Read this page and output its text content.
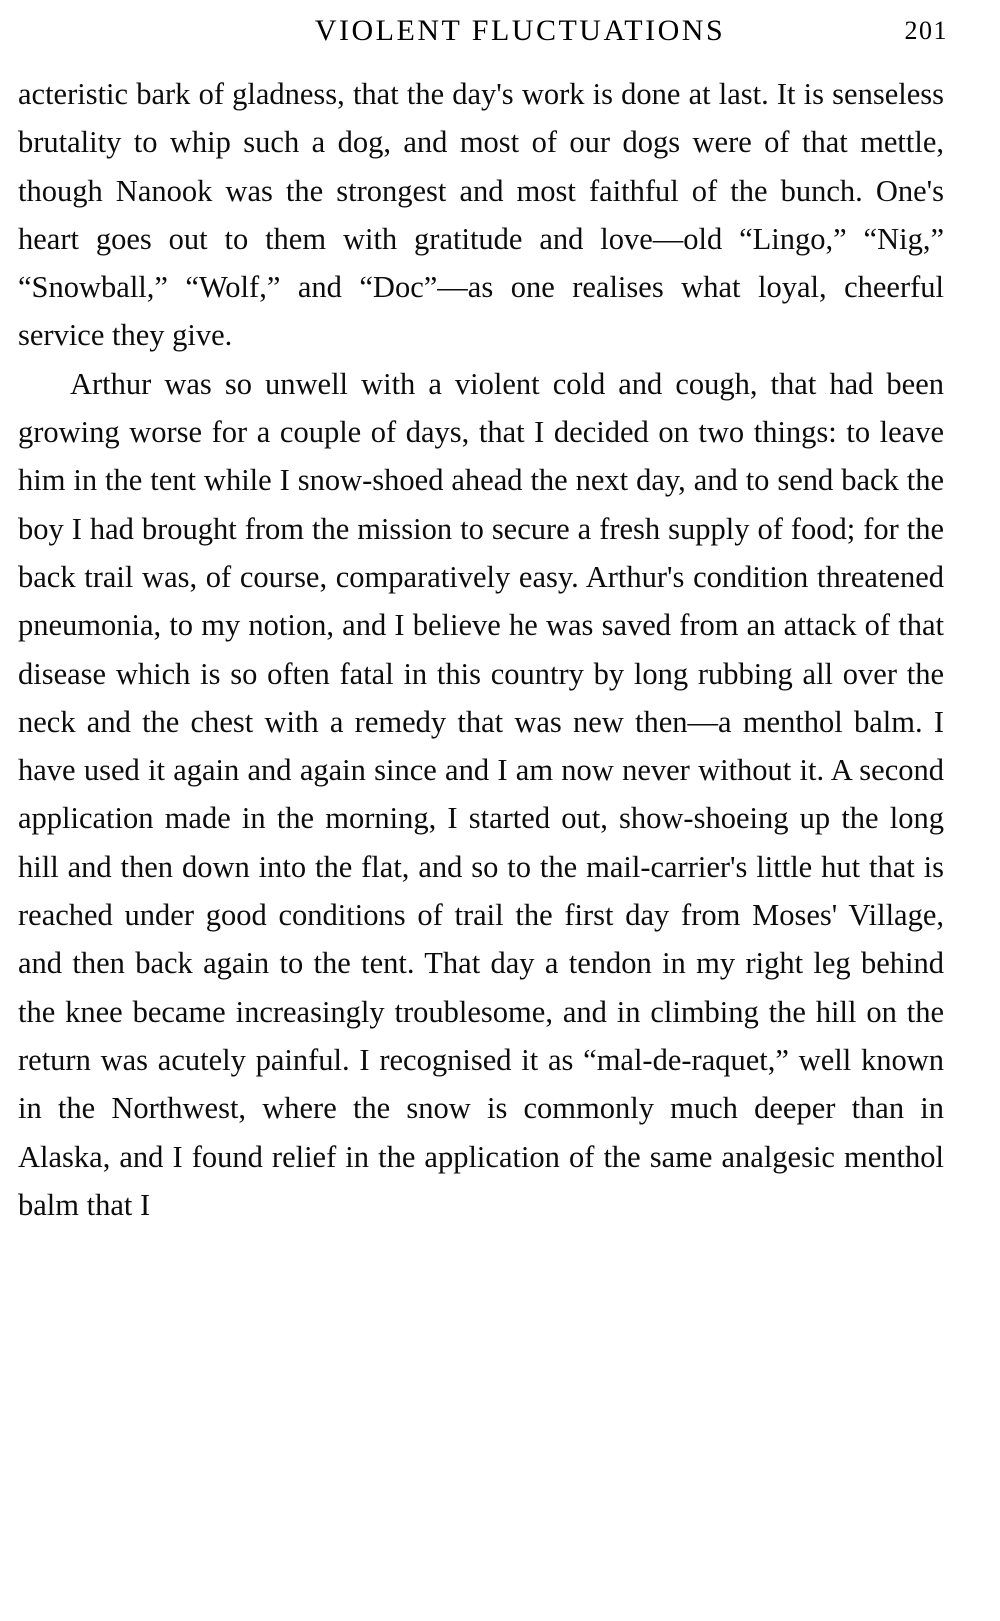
VIOLENT FLUCTUATIONS	201

acteristic bark of gladness, that the day's work is done at last. It is senseless brutality to whip such a dog, and most of our dogs were of that mettle, though Nanook was the strongest and most faithful of the bunch. One's heart goes out to them with gratitude and love—old “Lingo,” “Nig,” “Snowball,” “Wolf,” and “Doc”—as one realises what loyal, cheerful service they give.

Arthur was so unwell with a violent cold and cough, that had been growing worse for a couple of days, that I decided on two things: to leave him in the tent while I snow-shoed ahead the next day, and to send back the boy I had brought from the mission to secure a fresh supply of food; for the back trail was, of course, comparatively easy. Arthur's condition threatened pneumonia, to my notion, and I believe he was saved from an attack of that disease which is so often fatal in this country by long rubbing all over the neck and the chest with a remedy that was new then—a menthol balm. I have used it again and again since and I am now never without it. A second application made in the morning, I started out, show-shoeing up the long hill and then down into the flat, and so to the mail-carrier's little hut that is reached under good conditions of trail the first day from Moses' Village, and then back again to the tent. That day a tendon in my right leg behind the knee became increasingly troublesome, and in climbing the hill on the return was acutely painful. I recognised it as “mal-de-raquet,” well known in the Northwest, where the snow is commonly much deeper than in Alaska, and I found relief in the application of the same analgesic menthol balm that I
